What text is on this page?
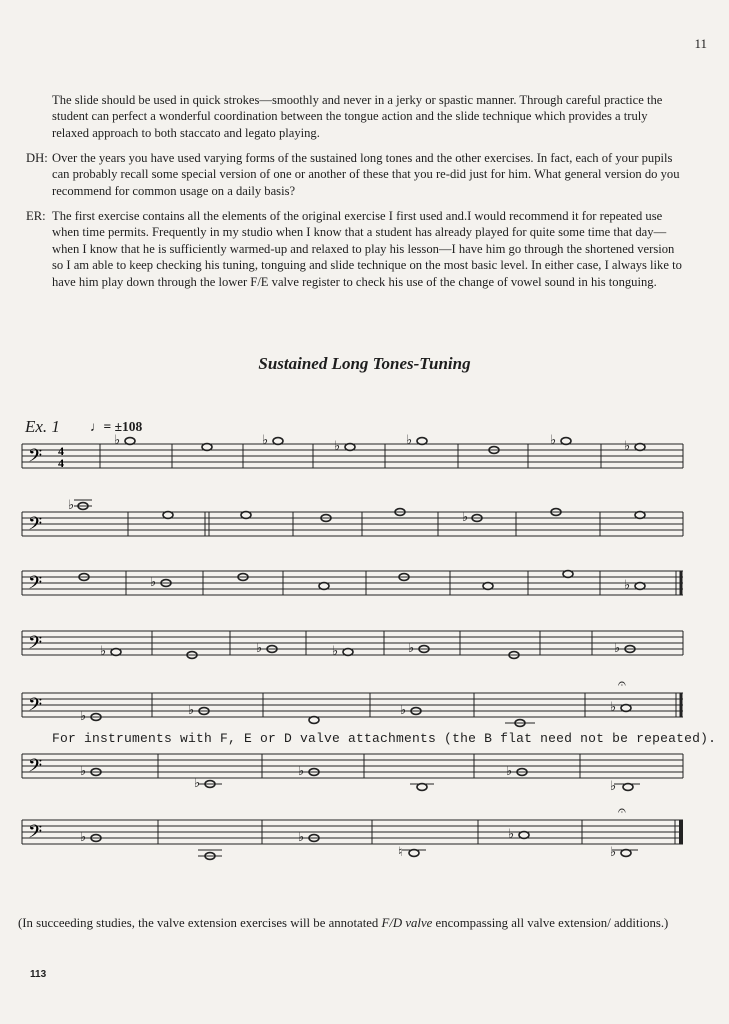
11
The slide should be used in quick strokes—smoothly and never in a jerky or spastic manner. Through careful practice the student can perfect a wonderful coordination between the tongue action and the slide technique which provides a truly relaxed approach to both staccato and legato playing.
DH: Over the years you have used varying forms of the sustained long tones and the other exercises. In fact, each of your pupils can probably recall some special version of one or another of these that you re-did just for him. What general version do you recommend for common usage on a daily basis?
ER: The first exercise contains all the elements of the original exercise I first used and.I would recommend it for repeated use when time permits. Frequently in my studio when I know that a student has already played for quite some time that day—when I know that he is sufficiently warmed-up and relaxed to play his lesson—I have him go through the shortened version so I am able to keep checking his tuning, tonguing and slide technique on the most basic level. In either case, I always like to have him play down through the lower F/E valve register to check his use of the change of vowel sound in his tonguing.
Sustained Long Tones-Tuning
Ex. 1 ♩= ±108
𝄢 4
4
♭	♭	♭	♭	♭	♭
𝄢
♭
♭
𝄢	♭	♭
𝄢	♭	♭	♭	♭	♭
𝄢	♭	♭	♭	♭
𝄐
𝄢	♭
♭
♭	♭
♭
𝄢	♭	♭
♮
♭
♭
𝄐
For instruments with F, E or D valve attachments (the B flat need not be repeated).
(In succeeding studies, the valve extension exercises will be annotated F/D valve encompassing all valve extension/ additions.)
113
